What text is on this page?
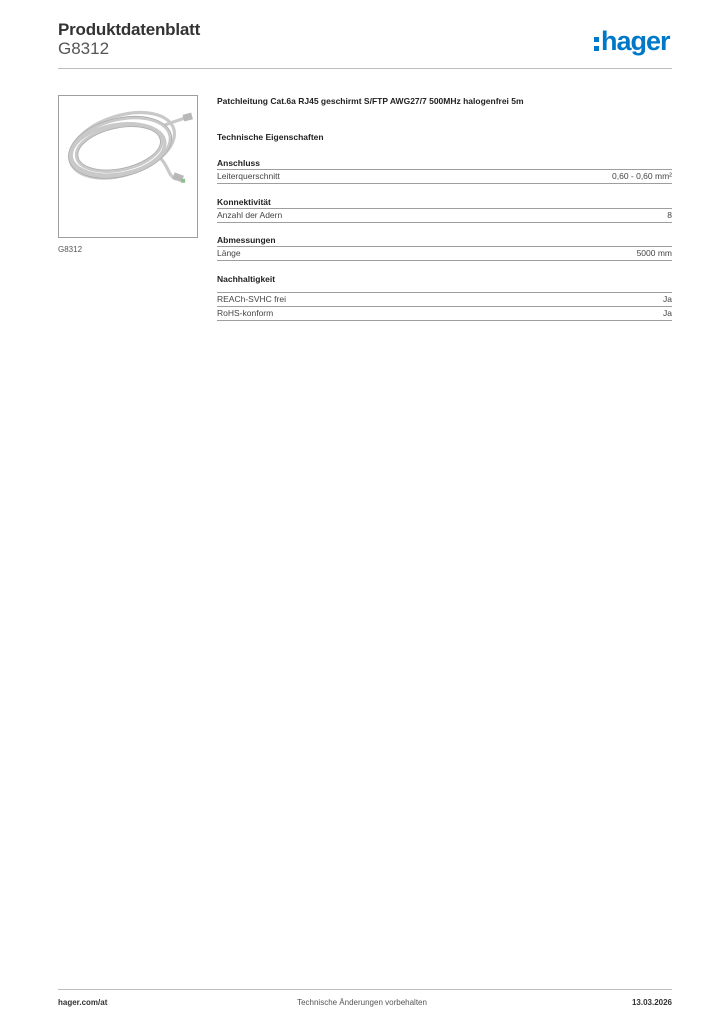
Produktdatenblatt
G8312	hager
G8312
Patchleitung Cat.6a RJ45 geschirmt S/FTP AWG27/7 500MHz halogenfrei 5m
Technische Eigenschaften
Anschluss
Leiterquerschnitt	0,60 - 0,60 mm²
Konnektivität
Anzahl der Adern	8
Abmessungen
Länge	5000 mm
Nachhaltigkeit
REACh-SVHC frei	Ja
RoHS-konform	Ja
hager.com/at	Technische Änderungen vorbehalten	13.03.2026
